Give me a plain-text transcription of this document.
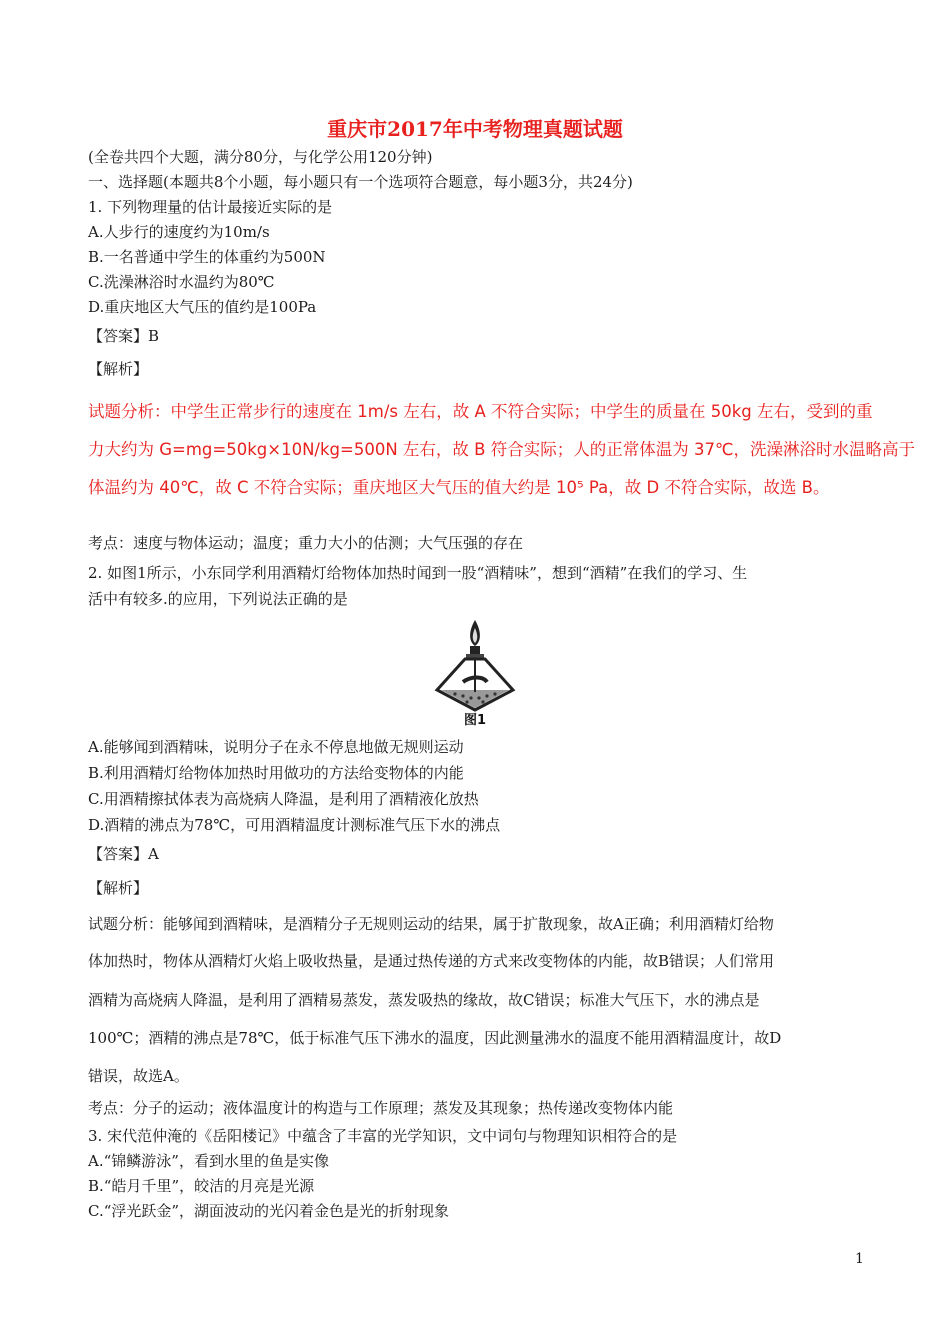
重庆市2017年中考物理真题试题
(全卷共四个大题，满分80分，与化学公用120分钟)
一、选择题(本题共8个小题，每小题只有一个选项符合题意，每小题3分，共24分)
1. 下列物理量的估计最接近实际的是
A.人步行的速度约为10m/s
B.一名普通中学生的体重约为500N
C.洗澡淋浴时水温约为80℃
D.重庆地区大气压的值约是100Pa
【答案】B
【解析】
试题分析：中学生正常步行的速度在 1m/s 左右，故 A 不符合实际；中学生的质量在 50kg 左右，受到的重
力大约为 G=mg=50kg×10N/kg=500N 左右，故 B 符合实际；人的正常体温为 37℃，洗澡淋浴时水温略高于
体温约为 40℃，故 C 不符合实际；重庆地区大气压的值大约是 10⁵ Pa，故 D 不符合实际，故选 B。
考点：速度与物体运动；温度；重力大小的估测；大气压强的存在
2. 如图1所示，小东同学利用酒精灯给物体加热时闻到一股“酒精味”，想到“酒精”在我们的学习、生
活中有较多.的应用，下列说法正确的是
图1
A.能够闻到酒精味，说明分子在永不停息地做无规则运动
B.利用酒精灯给物体加热时用做功的方法给变物体的内能
C.用酒精擦拭体表为高烧病人降温，是利用了酒精液化放热
D.酒精的沸点为78℃，可用酒精温度计测标准气压下水的沸点
【答案】A
【解析】
试题分析：能够闻到酒精味，是酒精分子无规则运动的结果，属于扩散现象，故A正确；利用酒精灯给物
体加热时，物体从酒精灯火焰上吸收热量，是通过热传递的方式来改变物体的内能，故B错误；人们常用
酒精为高烧病人降温，是利用了酒精易蒸发，蒸发吸热的缘故，故C错误；标准大气压下，水的沸点是
100℃；酒精的沸点是78℃，低于标准气压下沸水的温度，因此测量沸水的温度不能用酒精温度计，故D
错误，故选A。
考点：分子的运动；液体温度计的构造与工作原理；蒸发及其现象；热传递改变物体内能
3. 宋代范仲淹的《岳阳楼记》中蕴含了丰富的光学知识，文中词句与物理知识相符合的是
A.“锦鳞游泳”，看到水里的鱼是实像
B.“皓月千里”，皎洁的月亮是光源
C.“浮光跃金”，湖面波动的光闪着金色是光的折射现象
1
